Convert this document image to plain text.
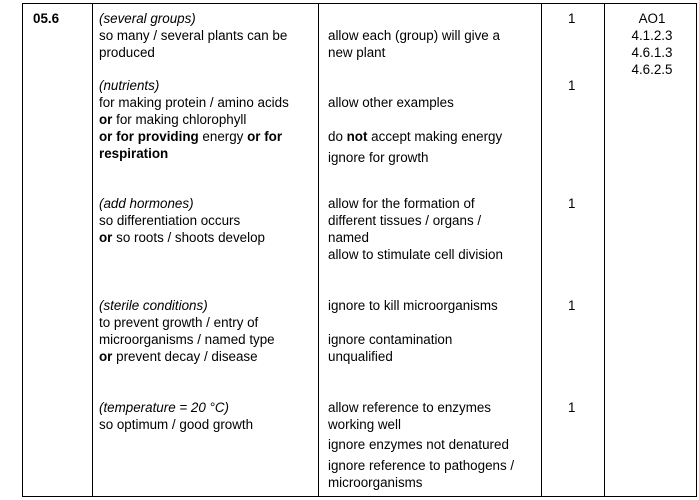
05.6	AO1

4.1.2.3

4.6.1.3

4.6.2.5

(several groups)

so many / several plants can be

produced

allow each (group) will give a

new plant

1

(nutrients)

for making protein / amino acids

or for making chlorophyll

or for providing energy or for

respiration

allow other examples

do not accept making energy

ignore for growth

1

(add hormones)

so differentiation occurs

or so roots / shoots develop

allow for the formation of

different tissues / organs /

named

allow to stimulate cell division

1

(sterile conditions)

to prevent growth / entry of

microorganisms / named type

or prevent decay / disease

ignore to kill microorganisms

ignore contamination

unqualified

1

(temperature = 20 °C)

so optimum / good growth

allow reference to enzymes

working well

ignore enzymes not denatured

ignore reference to pathogens /

microorganisms

1
